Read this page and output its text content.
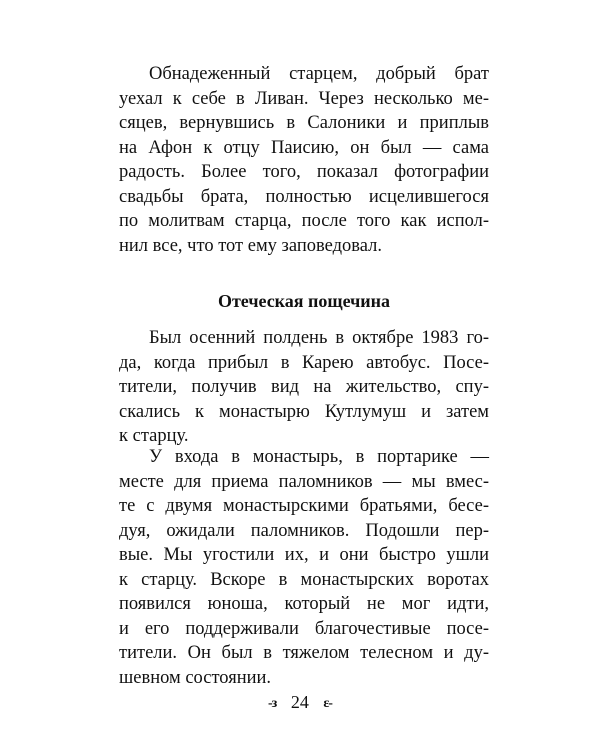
Обнадеженный старцем, добрый брат
уехал к себе в Ливан. Через несколько ме-
сяцев, вернувшись в Салоники и приплыв
на Афон к отцу Паисию, он был — сама
радость. Более того, показал фотографии
свадьбы брата, полностью исцелившегося
по молитвам старца, после того как испол-
нил все, что тот ему заповедовал.
Отеческая пощечина
Был осенний полдень в октябре 1983 го-
да, когда прибыл в Карею автобус. Посе-
тители, получив вид на жительство, спу-
скались к монастырю Кутлумуш и затем
к старцу.
У входа в монастырь, в портарике —
месте для приема паломников — мы вмес-
те с двумя монастырскими братьями, бесе-
дуя, ожидали паломников. Подошли пер-
вые. Мы угостили их, и они быстро ушли
к старцу. Вскоре в монастырских воротах
появился юноша, который не мог идти,
и его поддерживали благочестивые посе-
тители. Он был в тяжелом телесном и ду-
шевном состоянии.
-з 24 ε-
